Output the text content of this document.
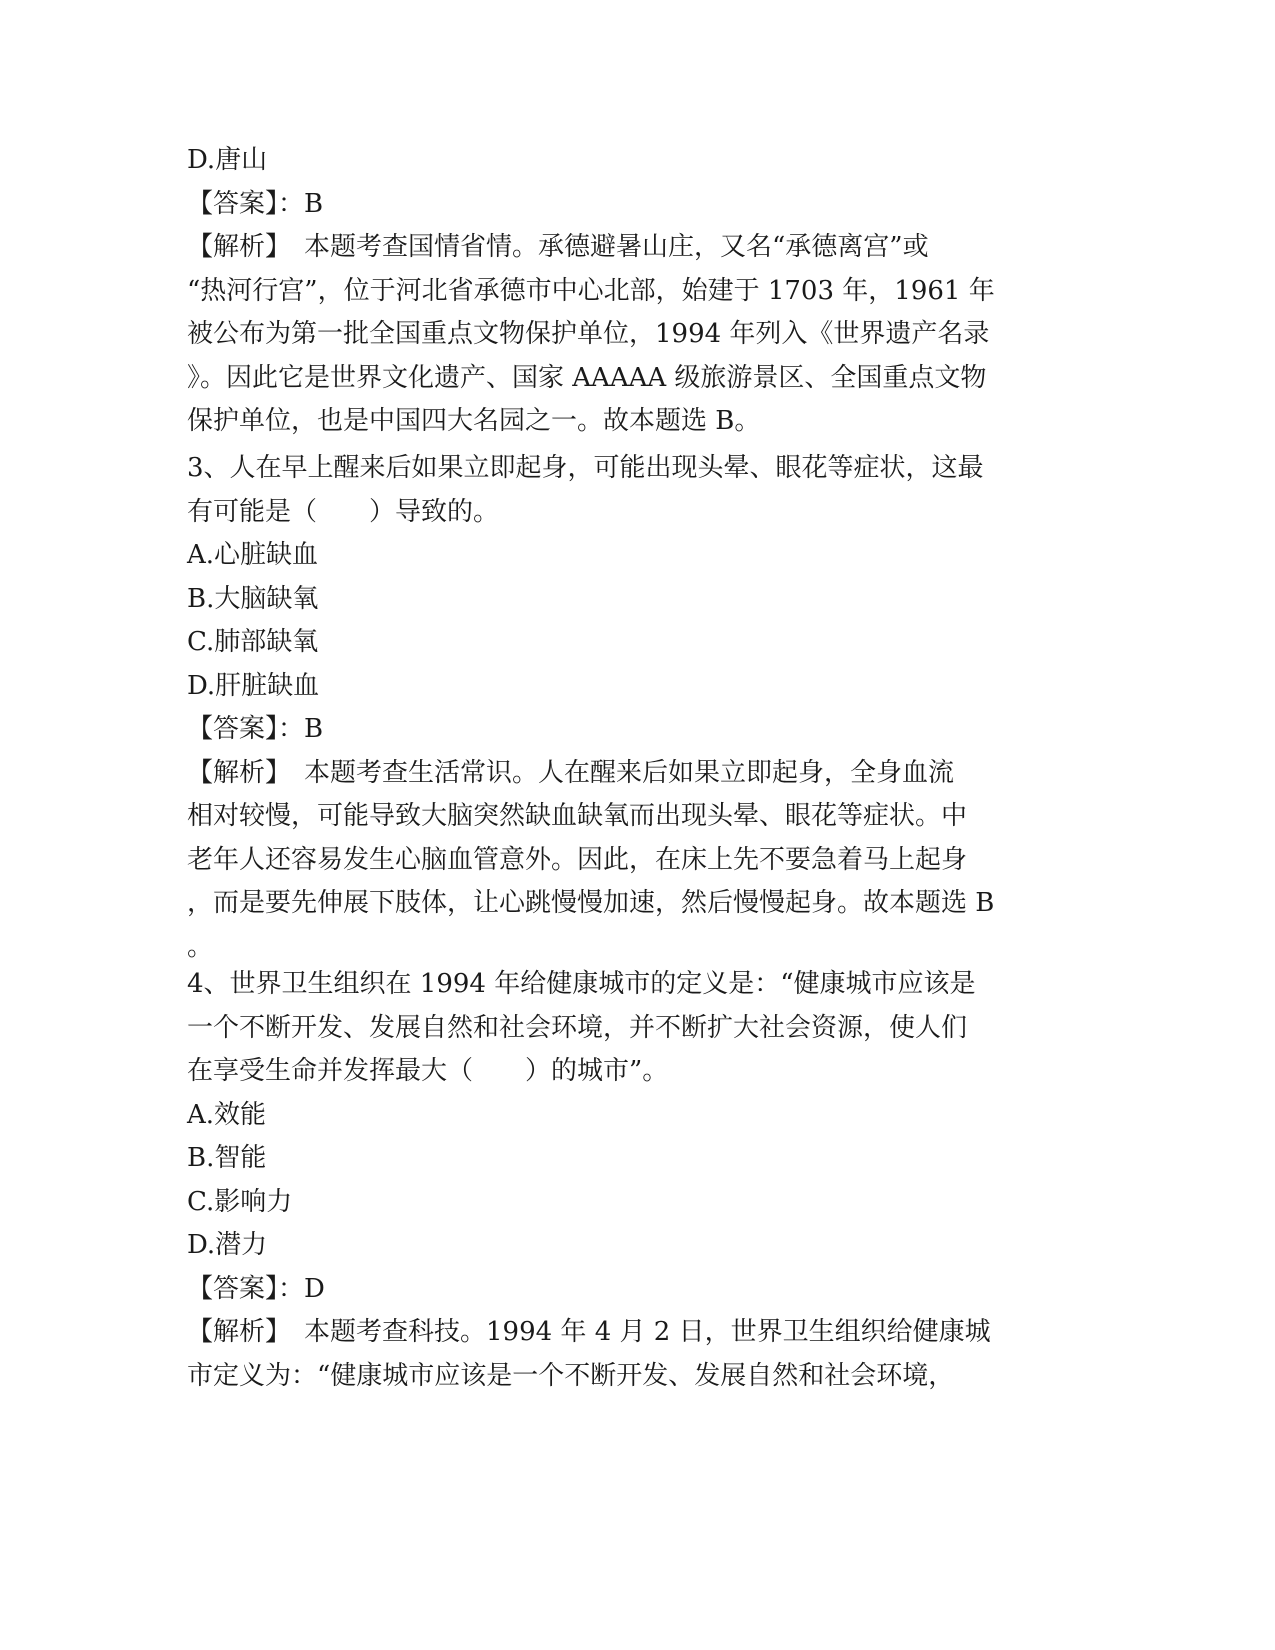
D.唐山
【答案】：B
【解析】　本题考查国情省情。承德避暑山庄，又名“承德离宫”或
“热河行宫”，位于河北省承德市中心北部，始建于 1703 年，1961 年
被公布为第一批全国重点文物保护单位，1994 年列入《世界遗产名录
》。因此它是世界文化遗产、国家 AAAAA 级旅游景区、全国重点文物
保护单位，也是中国四大名园之一。故本题选 B。
3、人在早上醒来后如果立即起身，可能出现头晕、眼花等症状，这最
有可能是（　　）导致的。
A.心脏缺血
B.大脑缺氧
C.肺部缺氧
D.肝脏缺血
【答案】：B
【解析】　本题考查生活常识。人在醒来后如果立即起身，全身血流
相对较慢，可能导致大脑突然缺血缺氧而出现头晕、眼花等症状。中
老年人还容易发生心脑血管意外。因此，在床上先不要急着马上起身
，而是要先伸展下肢体，让心跳慢慢加速，然后慢慢起身。故本题选 B
。
4、世界卫生组织在 1994 年给健康城市的定义是：“健康城市应该是
一个不断开发、发展自然和社会环境，并不断扩大社会资源，使人们
在享受生命并发挥最大（　　）的城市”。
A.效能
B.智能
C.影响力
D.潜力
【答案】：D
【解析】　本题考查科技。1994 年 4 月 2 日，世界卫生组织给健康城
市定义为：“健康城市应该是一个不断开发、发展自然和社会环境，
